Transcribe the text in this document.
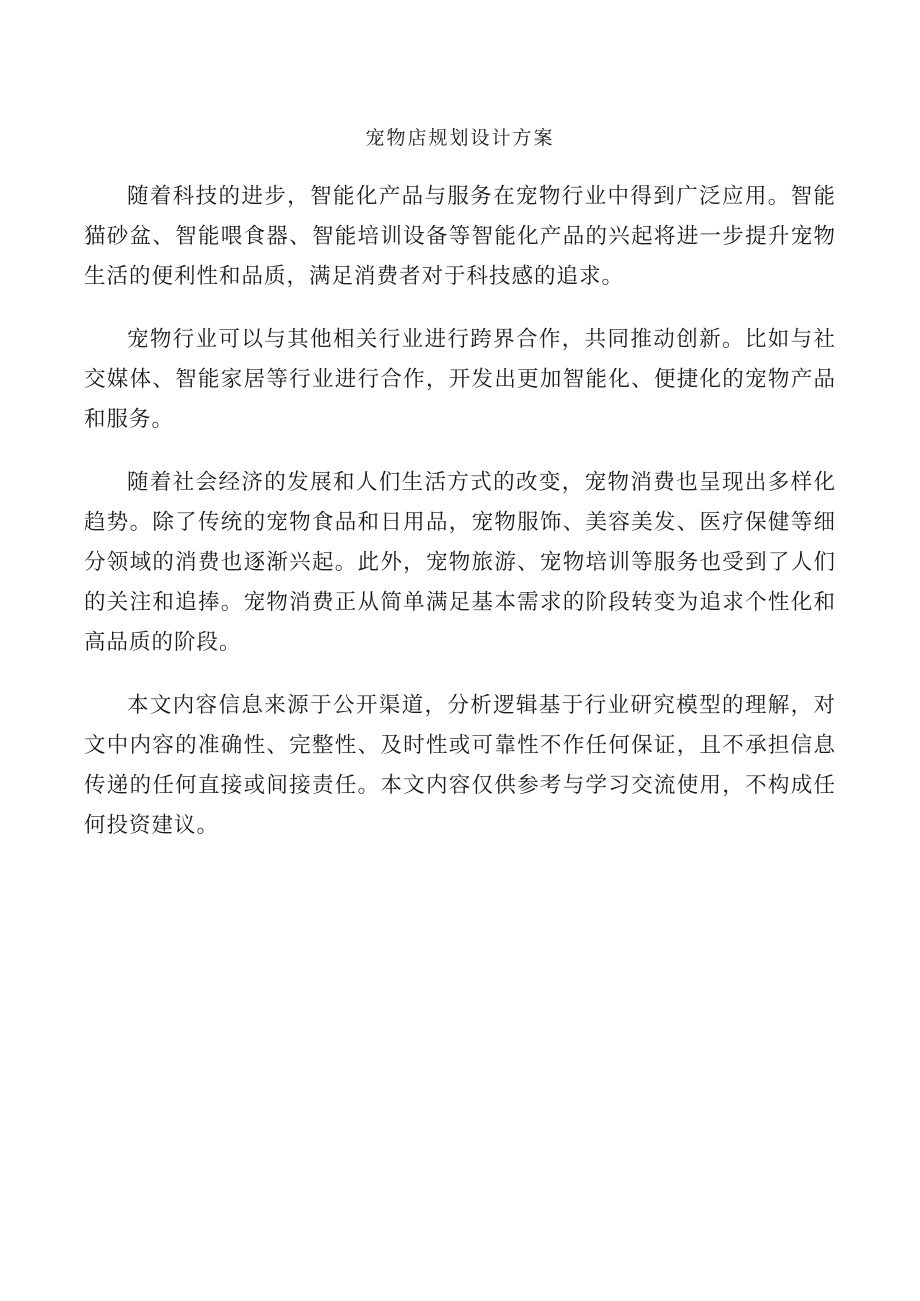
宠物店规划设计方案

随着科技的进步，智能化产品与服务在宠物行业中得到广泛应用。智能猫砂盆、智能喂食器、智能培训设备等智能化产品的兴起将进一步提升宠物生活的便利性和品质，满足消费者对于科技感的追求。

宠物行业可以与其他相关行业进行跨界合作，共同推动创新。比如与社交媒体、智能家居等行业进行合作，开发出更加智能化、便捷化的宠物产品和服务。

随着社会经济的发展和人们生活方式的改变，宠物消费也呈现出多样化趋势。除了传统的宠物食品和日用品，宠物服饰、美容美发、医疗保健等细分领域的消费也逐渐兴起。此外，宠物旅游、宠物培训等服务也受到了人们的关注和追捧。宠物消费正从简单满足基本需求的阶段转变为追求个性化和高品质的阶段。

本文内容信息来源于公开渠道，分析逻辑基于行业研究模型的理解，对文中内容的准确性、完整性、及时性或可靠性不作任何保证，且不承担信息传递的任何直接或间接责任。本文内容仅供参考与学习交流使用，不构成任何投资建议。
